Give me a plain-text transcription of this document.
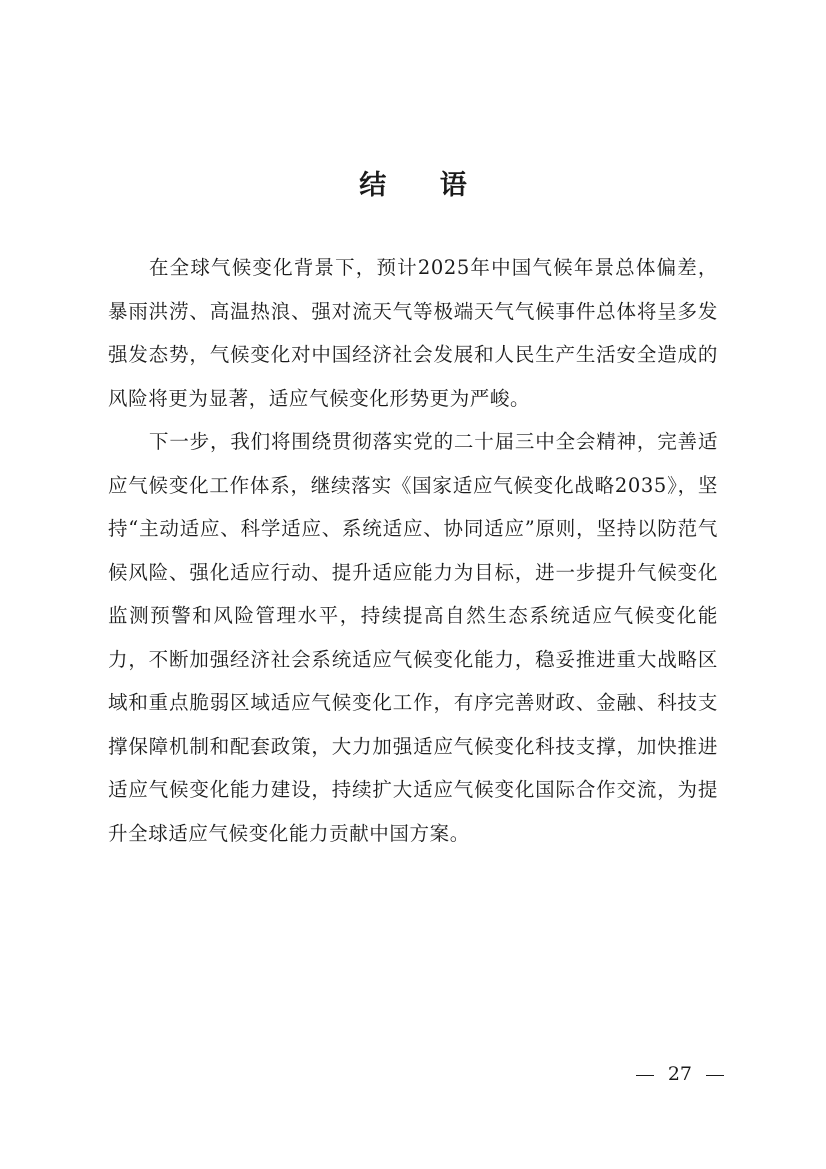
结 语

在全球气候变化背景下，预计2025年中国气候年景总体偏差，暴雨洪涝、高温热浪、强对流天气等极端天气气候事件总体将呈多发强发态势，气候变化对中国经济社会发展和人民生产生活安全造成的风险将更为显著，适应气候变化形势更为严峻。

下一步，我们将围绕贯彻落实党的二十届三中全会精神，完善适应气候变化工作体系，继续落实《国家适应气候变化战略2035》，坚持“主动适应、科学适应、系统适应、协同适应”原则，坚持以防范气候风险、强化适应行动、提升适应能力为目标，进一步提升气候变化监测预警和风险管理水平，持续提高自然生态系统适应气候变化能力，不断加强经济社会系统适应气候变化能力，稳妥推进重大战略区域和重点脆弱区域适应气候变化工作，有序完善财政、金融、科技支撑保障机制和配套政策，大力加强适应气候变化科技支撑，加快推进适应气候变化能力建设，持续扩大适应气候变化国际合作交流，为提升全球适应气候变化能力贡献中国方案。

27
